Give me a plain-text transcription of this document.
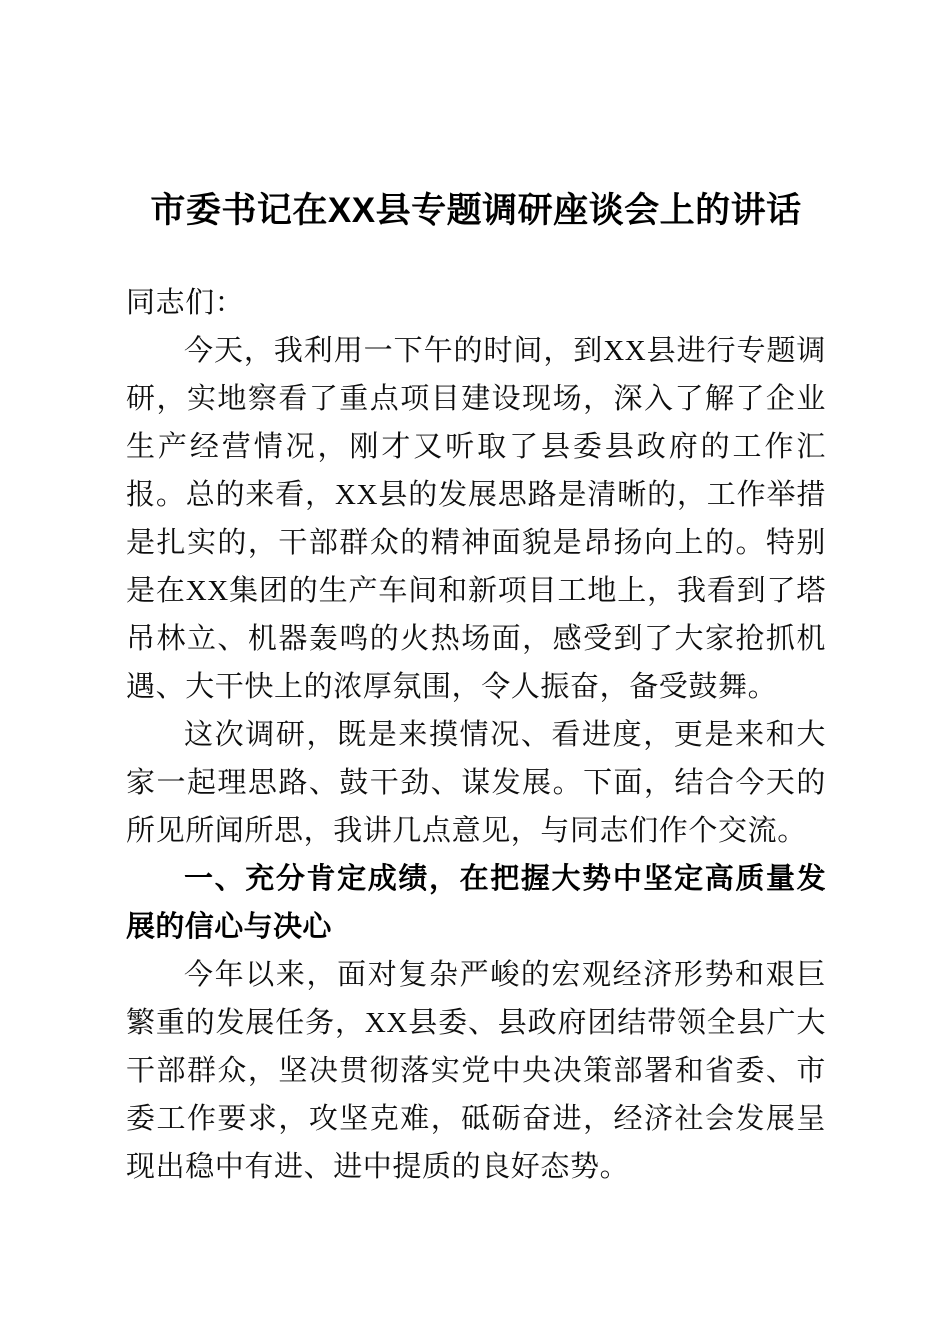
市委书记在XX县专题调研座谈会上的讲话

同志们：

今天，我利用一下午的时间，到XX县进行专题调研，实地察看了重点项目建设现场，深入了解了企业生产经营情况，刚才又听取了县委县政府的工作汇报。总的来看，XX县的发展思路是清晰的，工作举措是扎实的，干部群众的精神面貌是昂扬向上的。特别是在XX集团的生产车间和新项目工地上，我看到了塔吊林立、机器轰鸣的火热场面，感受到了大家抢抓机遇、大干快上的浓厚氛围，令人振奋，备受鼓舞。

这次调研，既是来摸情况、看进度，更是来和大家一起理思路、鼓干劲、谋发展。下面，结合今天的所见所闻所思，我讲几点意见，与同志们作个交流。

一、充分肯定成绩，在把握大势中坚定高质量发展的信心与决心

今年以来，面对复杂严峻的宏观经济形势和艰巨繁重的发展任务，XX县委、县政府团结带领全县广大干部群众，坚决贯彻落实党中央决策部署和省委、市委工作要求，攻坚克难，砥砺奋进，经济社会发展呈现出稳中有进、进中提质的良好态势。
